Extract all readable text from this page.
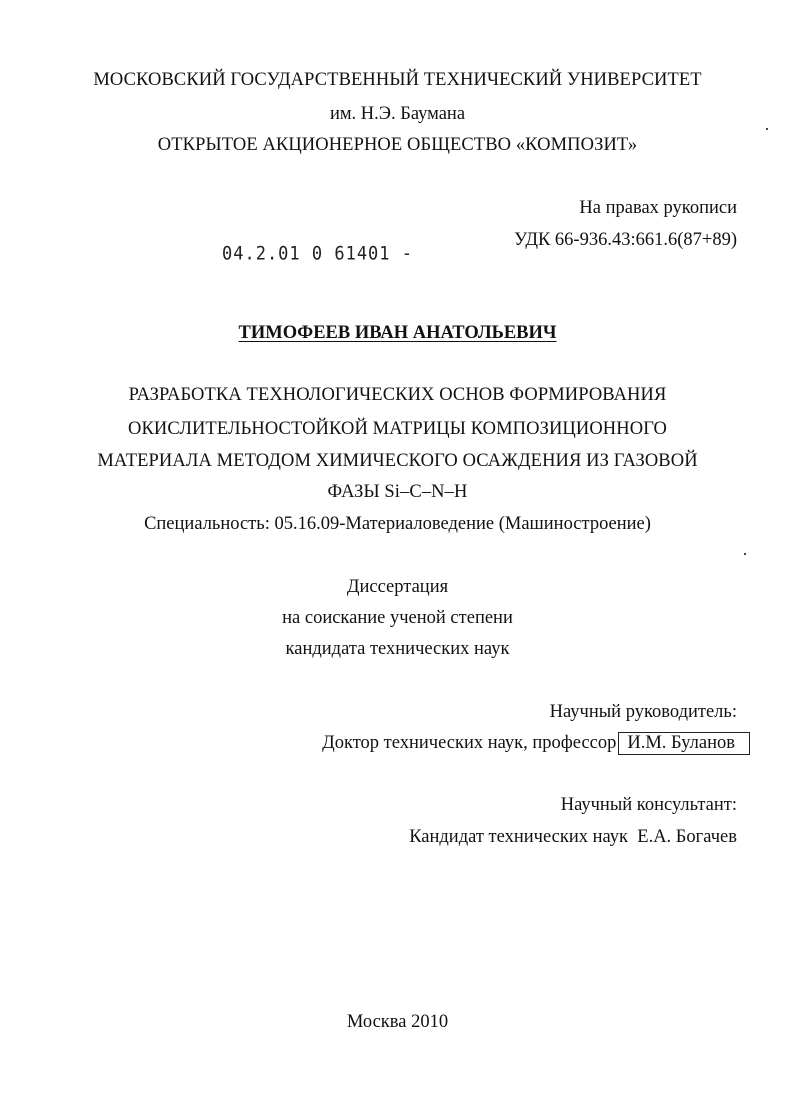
МОСКОВСКИЙ ГОСУДАРСТВЕННЫЙ ТЕХНИЧЕСКИЙ УНИВЕРСИТЕТ
им. Н.Э. Баумана
ОТКРЫТОЕ АКЦИОНЕРНОЕ ОБЩЕСТВО «КОМПОЗИТ»
На правах рукописи
УДК 66-936.43:661.6(87+89)
04.2.01 0 61401 -
ТИМОФЕЕВ ИВАН АНАТОЛЬЕВИЧ
РАЗРАБОТКА ТЕХНОЛОГИЧЕСКИХ ОСНОВ ФОРМИРОВАНИЯ
ОКИСЛИТЕЛЬНОСТОЙКОЙ МАТРИЦЫ КОМПОЗИЦИОННОГО
МАТЕРИАЛА МЕТОДОМ ХИМИЧЕСКОГО ОСАЖДЕНИЯ ИЗ ГАЗОВОЙ
ФАЗЫ Si–C–N–H
Специальность: 05.16.09-Материаловедение (Машиностроение)
Диссертация
на соискание ученой степени
кандидата технических наук
Научный руководитель:
Доктор технических наук, профессор И.М. Буланов
Научный консультант:
Кандидат технических наук  Е.А. Богачев
Москва 2010
